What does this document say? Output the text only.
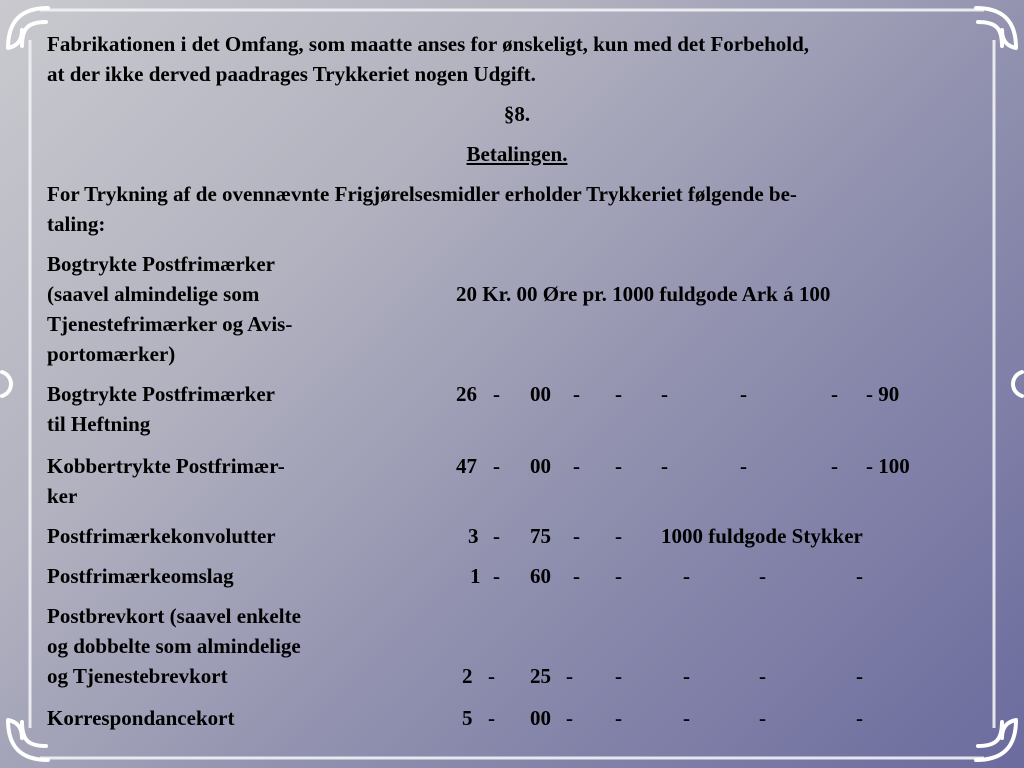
Fabrikationen i det Omfang, som maatte anses for ønskeligt, kun med det Forbehold,
at der ikke derved paadrages Trykkeriet nogen Udgift.
§8.
Betalingen.
For Trykning af de ovennævnte Frigjørelsesmidler erholder Trykkeriet følgende be-
taling:
Bogtrykte Postfrimærker
(saavel almindelige som
Tjenestefrimærker og Avis-
portomærker)
20 Kr. 00 Øre pr. 1000 fuldgode Ark á 100
Bogtrykte Postfrimærker
til Heftning
26 - 00 - - -	-	- - 90
Kobbertrykte Postfrimær-
ker
47 - 00 - - -	-	- - 100
Postfrimærkekonvolutter	3 - 75 - - 1000 fuldgode Stykker
Postfrimærkeomslag	1 - 60 - -	-	-	-
Postbrevkort (saavel enkelte
og dobbelte som almindelige
og Tjenestebrevkort	2 - 25 - -	-	-	-
Korrespondancekort	5 - 00 - -	-	-	-
